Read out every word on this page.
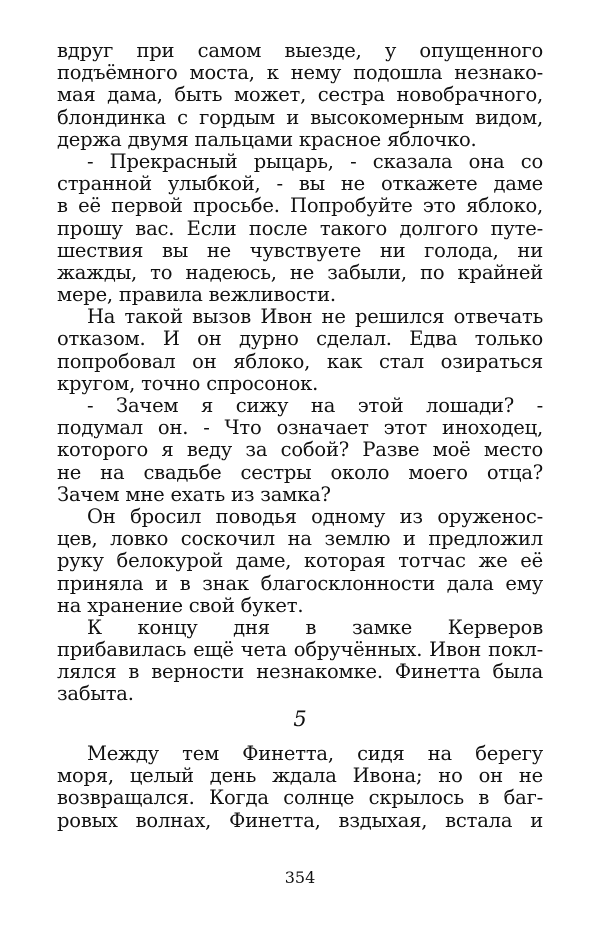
вдруг при самом выезде, у опущенного
подъёмного моста, к нему подошла незнако-
мая дама, быть может, сестра новобрачного,
блондинка с гордым и высокомерным видом,
держа двумя пальцами красное яблочко.

- Прекрасный рыцарь, - сказала она со
странной улыбкой, - вы не откажете даме
в её первой просьбе. Попробуйте это яблоко,
прошу вас. Если после такого долгого путе-
шествия вы не чувствуете ни голода, ни
жажды, то надеюсь, не забыли, по крайней
мере, правила вежливости.

На такой вызов Ивон не решился отвечать
отказом. И он дурно сделал. Едва только
попробовал он яблоко, как стал озираться
кругом, точно спросонок.

- Зачем я сижу на этой лошади? -
подумал он. - Что означает этот иноходец,
которого я веду за собой? Разве моё место
не на свадьбе сестры около моего отца?
Зачем мне ехать из замка?

Он бросил поводья одному из оруженос-
цев, ловко соскочил на землю и предложил
руку белокурой даме, которая тотчас же её
приняла и в знак благосклонности дала ему
на хранение свой букет.

К концу дня в замке Керверов
прибавилась ещё чета обручённых. Ивон покл-
лялся в верности незнакомке. Финетта была
забыта.

5

Между тем Финетта, сидя на берегу
моря, целый день ждала Ивона; но он не
возвращался. Когда солнце скрылось в баг-
ровых волнах, Финетта, вздыхая, встала и

354
